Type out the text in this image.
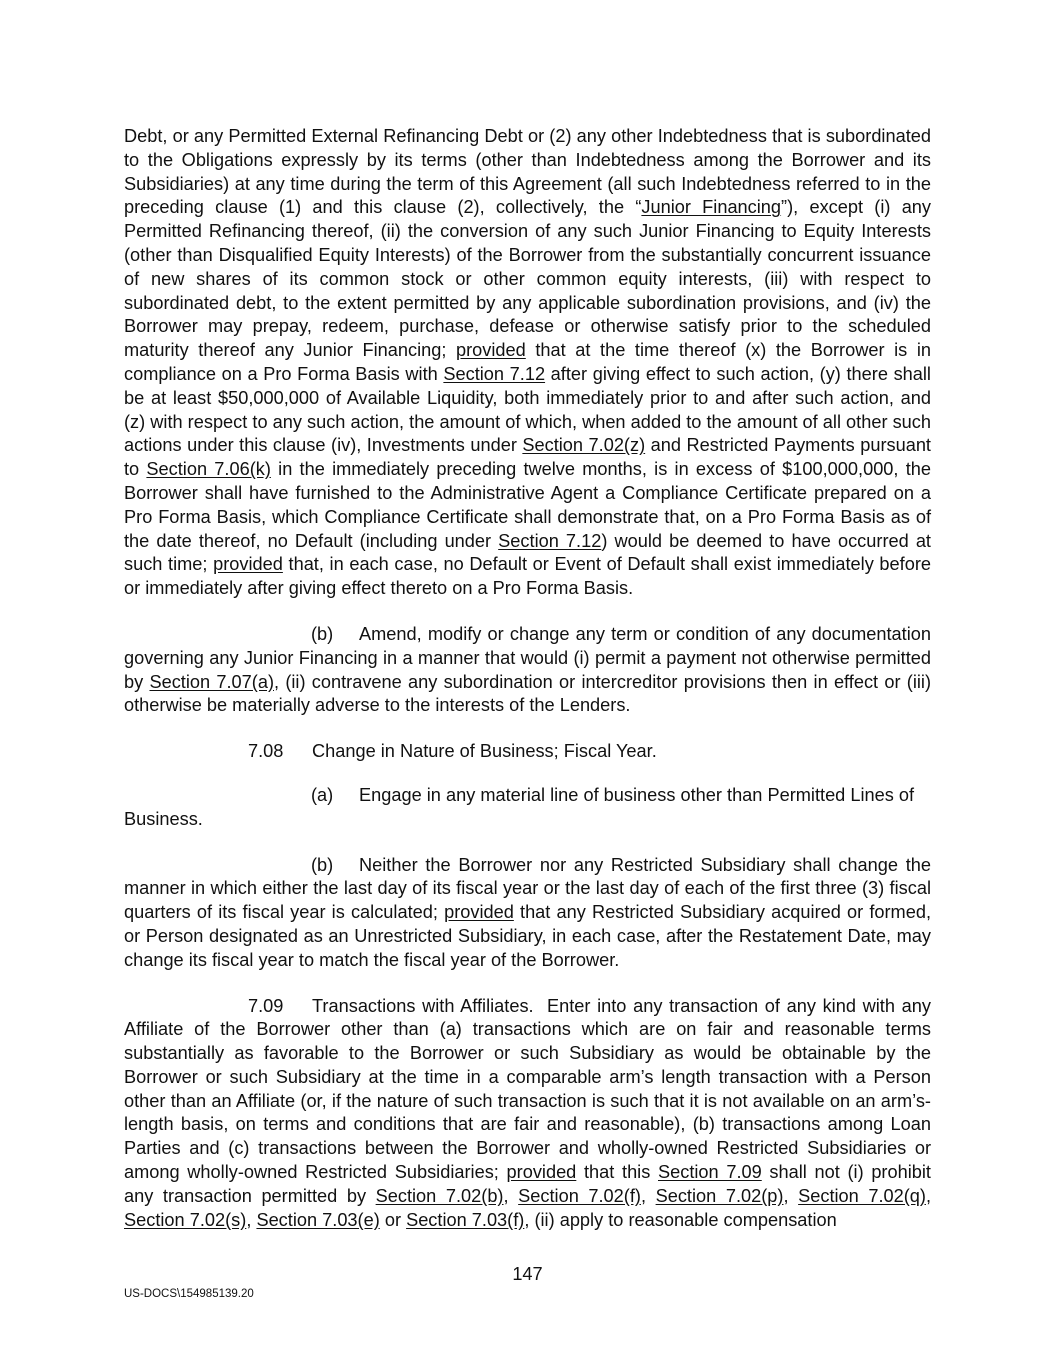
Debt, or any Permitted External Refinancing Debt or (2) any other Indebtedness that is subordinated to the Obligations expressly by its terms (other than Indebtedness among the Borrower and its Subsidiaries) at any time during the term of this Agreement (all such Indebtedness referred to in the preceding clause (1) and this clause (2), collectively, the “Junior Financing”), except (i) any Permitted Refinancing thereof, (ii) the conversion of any such Junior Financing to Equity Interests (other than Disqualified Equity Interests) of the Borrower from the substantially concurrent issuance of new shares of its common stock or other common equity interests, (iii) with respect to subordinated debt, to the extent permitted by any applicable subordination provisions, and (iv) the Borrower may prepay, redeem, purchase, defease or otherwise satisfy prior to the scheduled maturity thereof any Junior Financing; provided that at the time thereof (x) the Borrower is in compliance on a Pro Forma Basis with Section 7.12 after giving effect to such action, (y) there shall be at least $50,000,000 of Available Liquidity, both immediately prior to and after such action, and (z) with respect to any such action, the amount of which, when added to the amount of all other such actions under this clause (iv), Investments under Section 7.02(z) and Restricted Payments pursuant to Section 7.06(k) in the immediately preceding twelve months, is in excess of $100,000,000, the Borrower shall have furnished to the Administrative Agent a Compliance Certificate prepared on a Pro Forma Basis, which Compliance Certificate shall demonstrate that, on a Pro Forma Basis as of the date thereof, no Default (including under Section 7.12) would be deemed to have occurred at such time; provided that, in each case, no Default or Event of Default shall exist immediately before or immediately after giving effect thereto on a Pro Forma Basis.

(b) Amend, modify or change any term or condition of any documentation governing any Junior Financing in a manner that would (i) permit a payment not otherwise permitted by Section 7.07(a), (ii) contravene any subordination or intercreditor provisions then in effect or (iii) otherwise be materially adverse to the interests of the Lenders.

7.08 Change in Nature of Business; Fiscal Year.

(a) Engage in any material line of business other than Permitted Lines of Business.

(b) Neither the Borrower nor any Restricted Subsidiary shall change the manner in which either the last day of its fiscal year or the last day of each of the first three (3) fiscal quarters of its fiscal year is calculated; provided that any Restricted Subsidiary acquired or formed, or Person designated as an Unrestricted Subsidiary, in each case, after the Restatement Date, may change its fiscal year to match the fiscal year of the Borrower.

7.09 Transactions with Affiliates. Enter into any transaction of any kind with any Affiliate of the Borrower other than (a) transactions which are on fair and reasonable terms substantially as favorable to the Borrower or such Subsidiary as would be obtainable by the Borrower or such Subsidiary at the time in a comparable arm’s length transaction with a Person other than an Affiliate (or, if the nature of such transaction is such that it is not available on an arm’s-length basis, on terms and conditions that are fair and reasonable), (b) transactions among Loan Parties and (c) transactions between the Borrower and wholly-owned Restricted Subsidiaries or among wholly-owned Restricted Subsidiaries; provided that this Section 7.09 shall not (i) prohibit any transaction permitted by Section 7.02(b), Section 7.02(f), Section 7.02(p), Section 7.02(q), Section 7.02(s), Section 7.03(e) or Section 7.03(f), (ii) apply to reasonable compensation

147
US-DOCS\154985139.20
